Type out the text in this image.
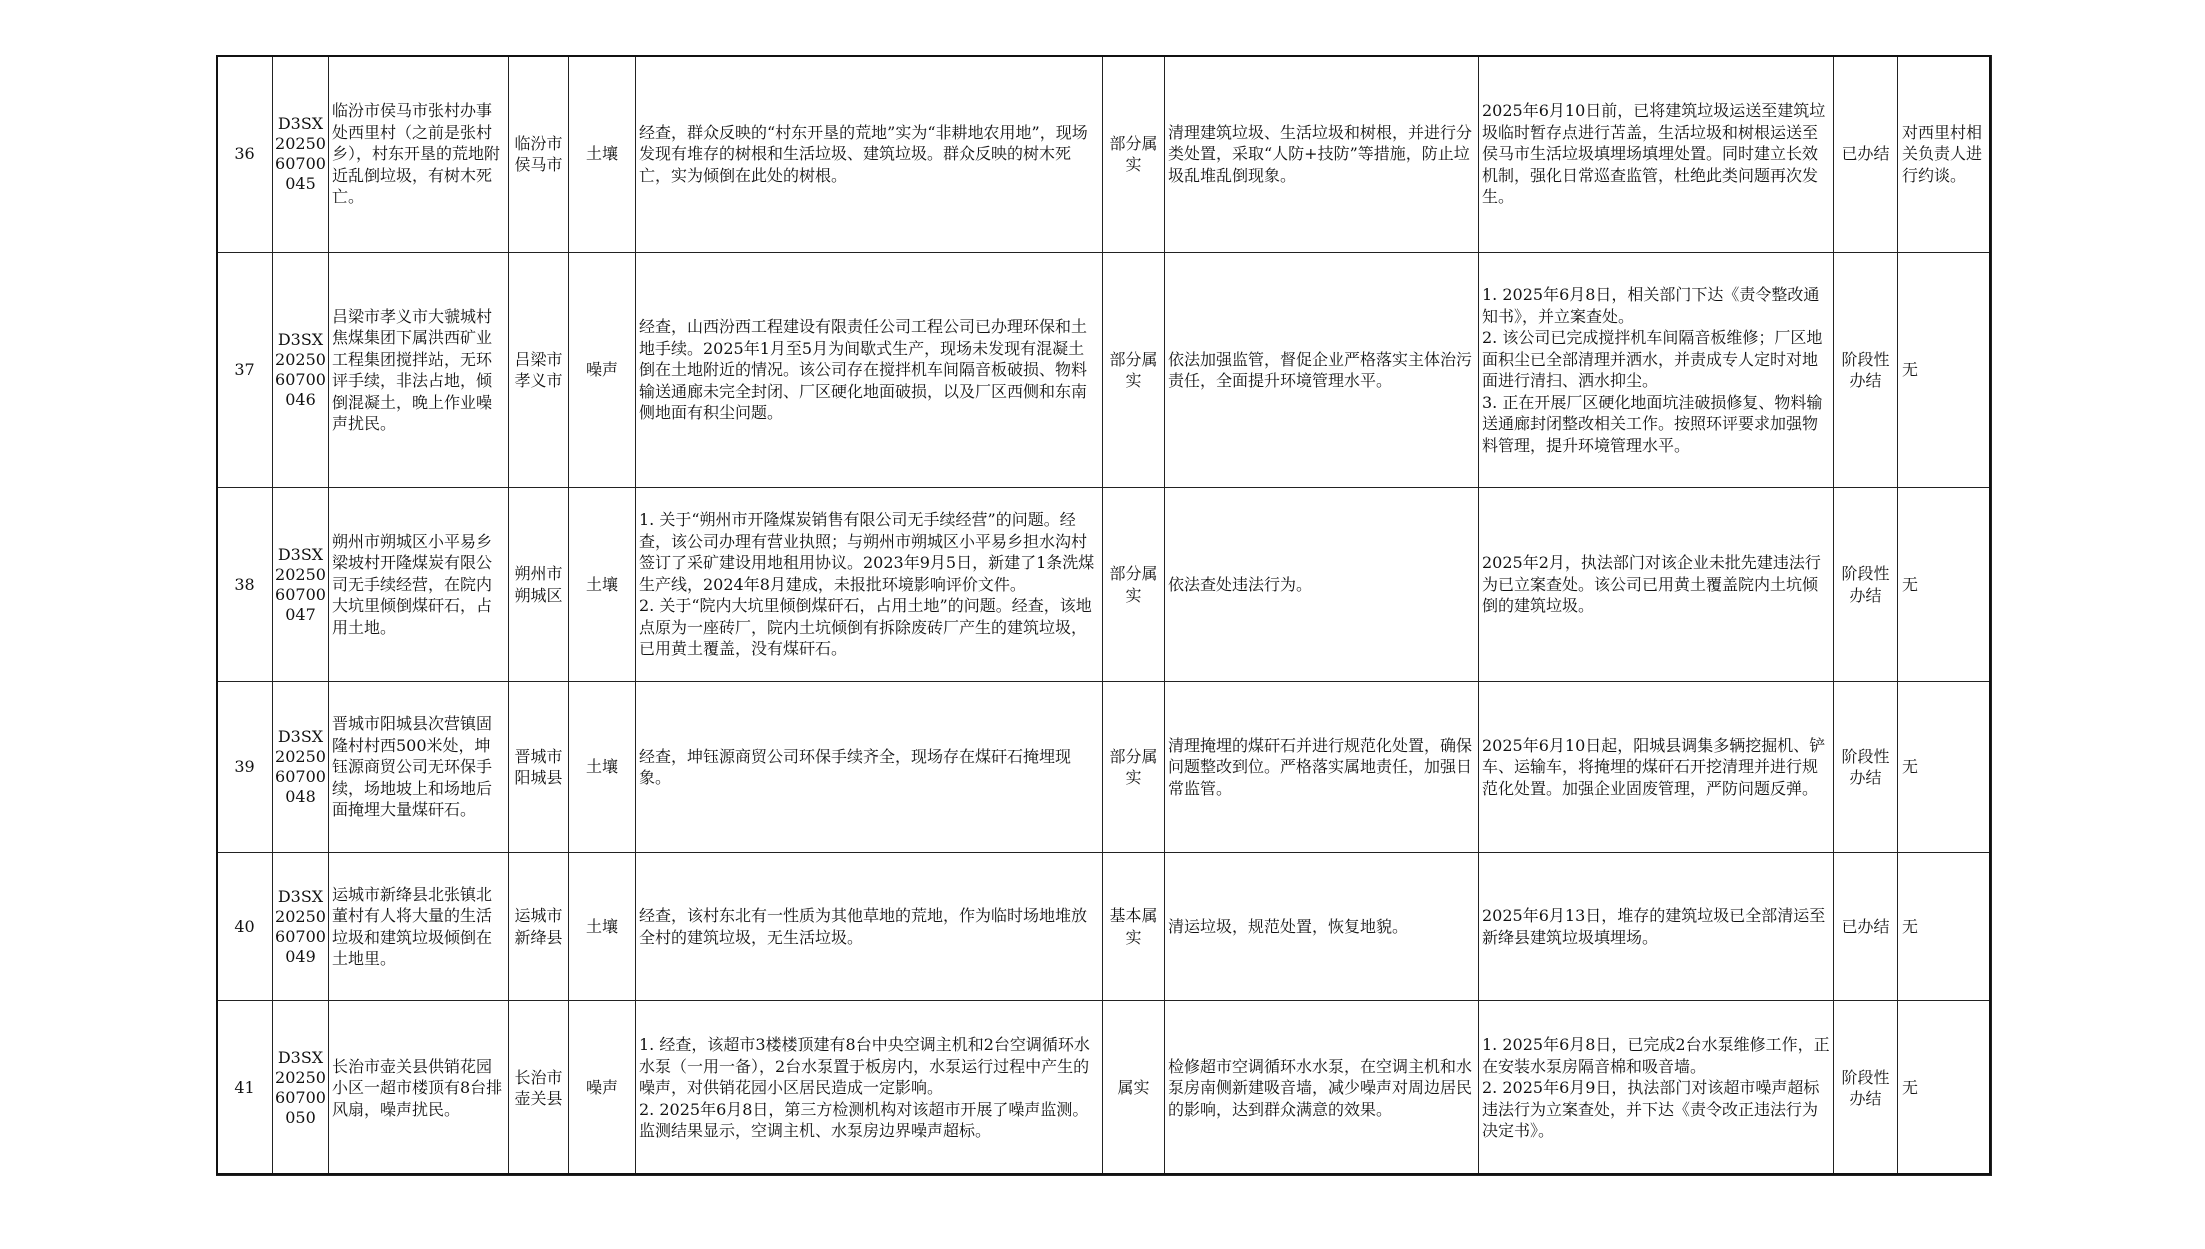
36	D3SX2025060700045	临汾市侯马市张村办事处西里村（之前是张村乡），村东开垦的荒地附近乱倒垃圾，有树木死亡。	临汾市侯马市	土壤	经查，群众反映的“村东开垦的荒地”实为“非耕地农用地”，现场发现有堆存的树根和生活垃圾、建筑垃圾。群众反映的树木死亡，实为倾倒在此处的树根。	部分属实	清理建筑垃圾、生活垃圾和树根，并进行分类处置，采取“人防+技防”等措施，防止垃圾乱堆乱倒现象。	2025年6月10日前，已将建筑垃圾运送至建筑垃圾临时暂存点进行苫盖，生活垃圾和树根运送至侯马市生活垃圾填埋场填埋处置。同时建立长效机制，强化日常巡查监管，杜绝此类问题再次发生。	已办结	对西里村相关负责人进行约谈。
37	D3SX2025060700046	吕梁市孝义市大虢城村焦煤集团下属洪西矿业工程集团搅拌站，无环评手续，非法占地，倾倒混凝土，晚上作业噪声扰民。	吕梁市孝义市	噪声	经查，山西汾西工程建设有限责任公司工程公司已办理环保和土地手续。2025年1月至5月为间歇式生产，现场未发现有混凝土倒在土地附近的情况。该公司存在搅拌机车间隔音板破损、物料输送通廊未完全封闭、厂区硬化地面破损，以及厂区西侧和东南侧地面有积尘问题。	部分属实	依法加强监管，督促企业严格落实主体治污责任，全面提升环境管理水平。	1. 2025年6月8日，相关部门下达《责令整改通知书》，并立案查处。
2. 该公司已完成搅拌机车间隔音板维修；厂区地面积尘已全部清理并洒水，并责成专人定时对地面进行清扫、洒水抑尘。
3. 正在开展厂区硬化地面坑洼破损修复、物料输送通廊封闭整改相关工作。按照环评要求加强物料管理，提升环境管理水平。	阶段性办结	无
38	D3SX2025060700047	朔州市朔城区小平易乡梁坡村开隆煤炭有限公司无手续经营，在院内大坑里倾倒煤矸石，占用土地。	朔州市朔城区	土壤	1. 关于“朔州市开隆煤炭销售有限公司无手续经营”的问题。经查，该公司办理有营业执照；与朔州市朔城区小平易乡担水沟村签订了采矿建设用地租用协议。2023年9月5日，新建了1条洗煤生产线，2024年8月建成，未报批环境影响评价文件。
2. 关于“院内大坑里倾倒煤矸石，占用土地”的问题。经查，该地点原为一座砖厂，院内土坑倾倒有拆除废砖厂产生的建筑垃圾，已用黄土覆盖，没有煤矸石。	部分属实	依法查处违法行为。	2025年2月，执法部门对该企业未批先建违法行为已立案查处。该公司已用黄土覆盖院内土坑倾倒的建筑垃圾。	阶段性办结	无
39	D3SX2025060700048	晋城市阳城县次营镇固隆村村西500米处，坤钰源商贸公司无环保手续，场地坡上和场地后面掩埋大量煤矸石。	晋城市阳城县	土壤	经查，坤钰源商贸公司环保手续齐全，现场存在煤矸石掩埋现象。	部分属实	清理掩埋的煤矸石并进行规范化处置，确保问题整改到位。严格落实属地责任，加强日常监管。	2025年6月10日起，阳城县调集多辆挖掘机、铲车、运输车，将掩埋的煤矸石开挖清理并进行规范化处置。加强企业固废管理，严防问题反弹。	阶段性办结	无
40	D3SX2025060700049	运城市新绛县北张镇北董村有人将大量的生活垃圾和建筑垃圾倾倒在土地里。	运城市新绛县	土壤	经查，该村东北有一性质为其他草地的荒地，作为临时场地堆放全村的建筑垃圾，无生活垃圾。	基本属实	清运垃圾，规范处置，恢复地貌。	2025年6月13日，堆存的建筑垃圾已全部清运至新绛县建筑垃圾填埋场。	已办结	无
41	D3SX2025060700050	长治市壶关县供销花园小区一超市楼顶有8台排风扇，噪声扰民。	长治市壶关县	噪声	1. 经查，该超市3楼楼顶建有8台中央空调主机和2台空调循环水水泵（一用一备），2台水泵置于板房内，水泵运行过程中产生的噪声，对供销花园小区居民造成一定影响。
2. 2025年6月8日，第三方检测机构对该超市开展了噪声监测。监测结果显示，空调主机、水泵房边界噪声超标。	属实	检修超市空调循环水水泵，在空调主机和水泵房南侧新建吸音墙，减少噪声对周边居民的影响，达到群众满意的效果。	1. 2025年6月8日，已完成2台水泵维修工作，正在安装水泵房隔音棉和吸音墙。
2. 2025年6月9日，执法部门对该超市噪声超标违法行为立案查处，并下达《责令改正违法行为决定书》。	阶段性办结	无
